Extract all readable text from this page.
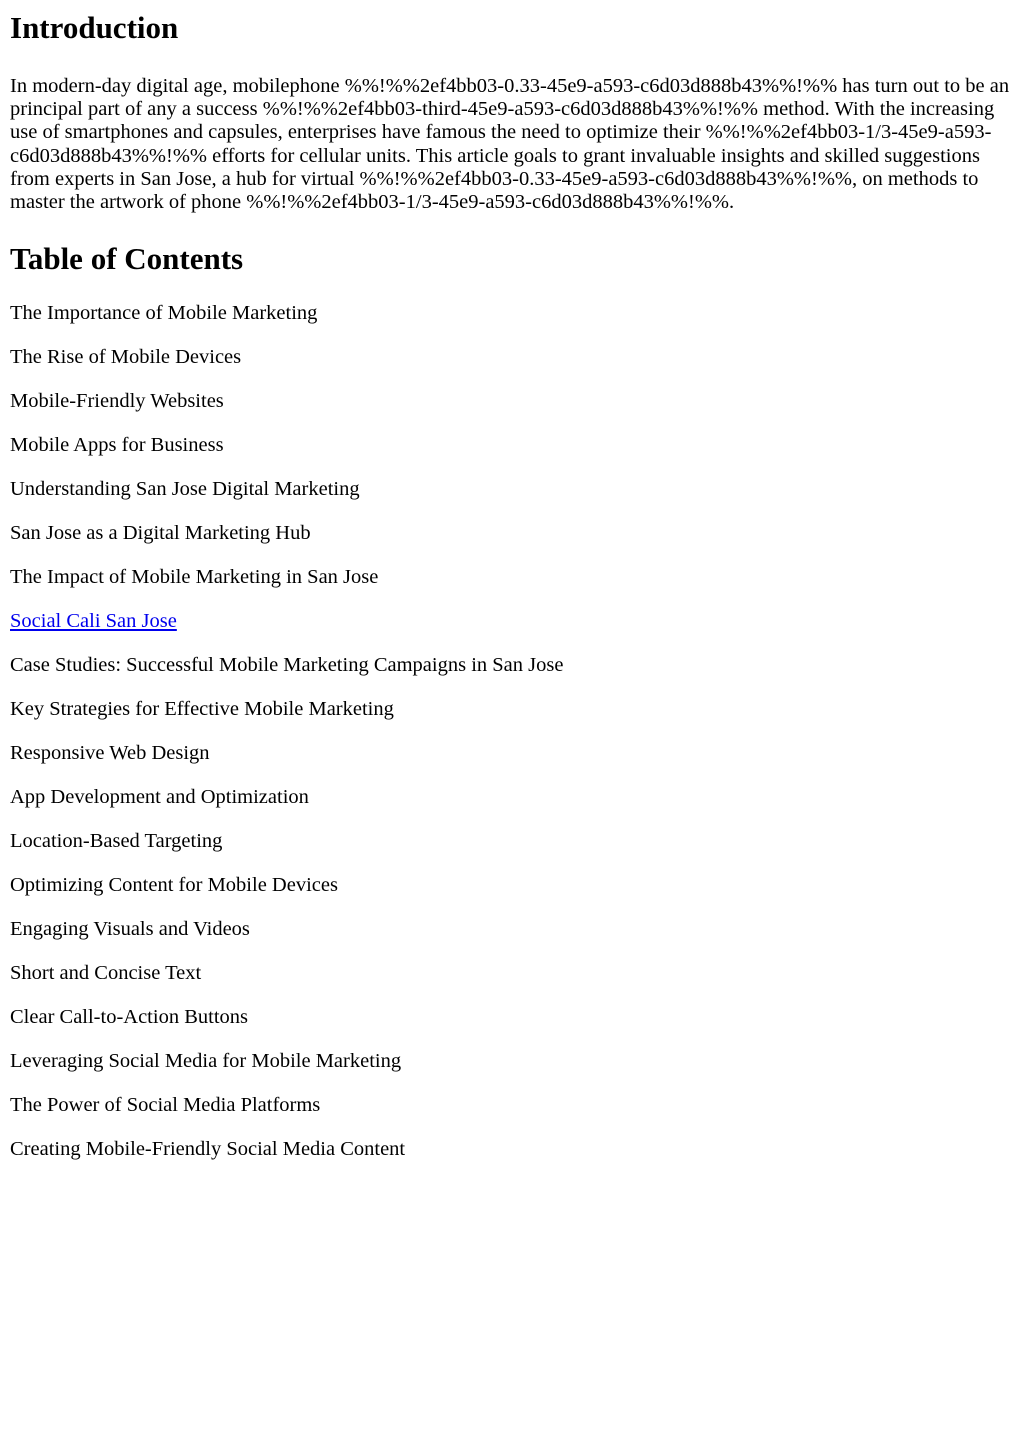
Introduction

In modern-day digital age, mobilephone %%!%%2ef4bb03-0.33-45e9-a593-c6d03d888b43%%!%% has turn out to be an principal part of any a success %%!%%2ef4bb03-third-45e9-a593-c6d03d888b43%%!%% method. With the increasing use of smartphones and capsules, enterprises have famous the need to optimize their %%!%%2ef4bb03-1/3-45e9-a593-c6d03d888b43%%!%% efforts for cellular units. This article goals to grant invaluable insights and skilled suggestions from experts in San Jose, a hub for virtual %%!%%2ef4bb03-0.33-45e9-a593-c6d03d888b43%%!%%, on methods to master the artwork of phone %%!%%2ef4bb03-1/3-45e9-a593-c6d03d888b43%%!%%.

Table of Contents
The Importance of Mobile Marketing
The Rise of Mobile Devices
Mobile-Friendly Websites
Mobile Apps for Business
Understanding San Jose Digital Marketing
San Jose as a Digital Marketing Hub
The Impact of Mobile Marketing in San Jose
Social Cali San Jose
Case Studies: Successful Mobile Marketing Campaigns in San Jose
Key Strategies for Effective Mobile Marketing
Responsive Web Design
App Development and Optimization
Location-Based Targeting
Optimizing Content for Mobile Devices
Engaging Visuals and Videos
Short and Concise Text
Clear Call-to-Action Buttons
Leveraging Social Media for Mobile Marketing
The Power of Social Media Platforms
Creating Mobile-Friendly Social Media Content
